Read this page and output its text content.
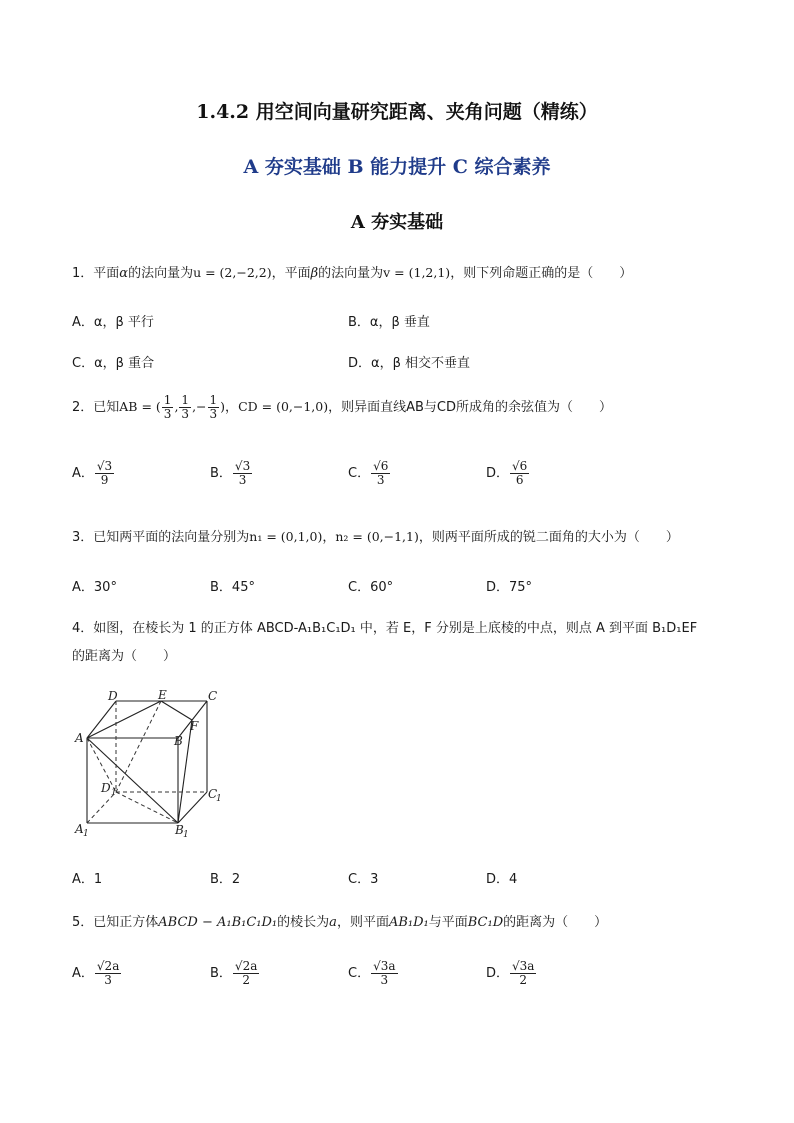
1.4.2 用空间向量研究距离、夹角问题（精练）
A 夯实基础 B 能力提升 C 综合素养
A 夯实基础
1．平面α的法向量为u = (2,−2,2)，平面β的法向量为v = (1,2,1)，则下列命题正确的是（　　）
A．α，β 平行	B．α，β 垂直
C．α，β 重合	D．α，β 相交不垂直
2．已知AB = ( $\frac{1}{3}$ , $\frac{1}{3}$ ,− $\frac{1}{3}$ )，CD = (0,−1,0)，则异面直线AB与CD所成角的余弦值为（　　）
A． $\frac{√3}{9}$	B． $\frac{√3}{3}$	C． $\frac{√6}{3}$	D． $\frac{√6}{6}$
3．已知两平面的法向量分别为n₁ = (0,1,0)，n₂ = (0,−1,1)，则两平面所成的锐二面角的大小为（　　）
A．30°	B．45°	C．60°	D．75°
4．如图，在棱长为 1 的正方体 ABCD-A₁B₁C₁D₁ 中，若 E，F 分别是上底棱的中点，则点 A 到平面 B₁D₁EF
的距离为（　　）
D	E	C
A	B
F
D 1	C
1
A 1	B 1
A．1	B．2	C．3	D．4
5．已知正方体ABCD − A₁B₁C₁D₁的棱长为a，则平面AB₁D₁与平面BC₁D的距离为（　　）
A． $\frac{√2a}{3}$	B． $\frac{√2a}{2}$	C． $\frac{√3a}{3}$	D． $\frac{√3a}{2}$
